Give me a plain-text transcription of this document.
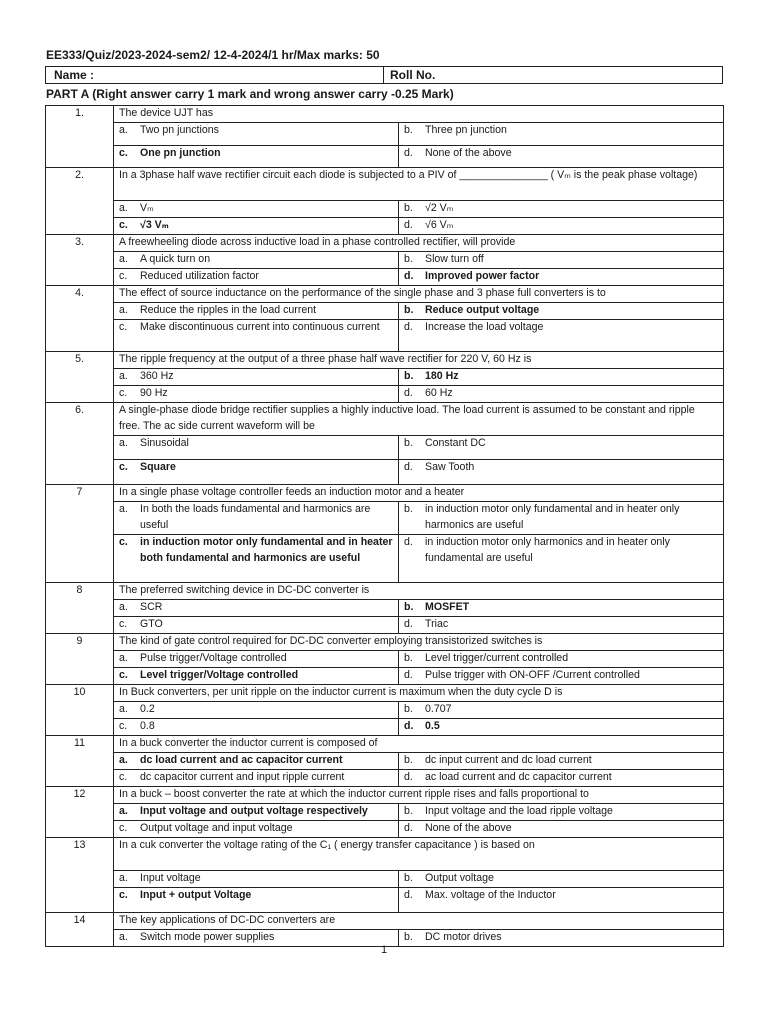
EE333/Quiz/2023-2024-sem2/ 12-4-2024/1 hr/Max marks: 50
Name :	Roll No.
PART A (Right answer carry 1 mark and wrong answer carry -0.25 Mark)
1.	The device UJT has	

	a. Two pn junctions	b. Three pn junction

	c. One pn junction	d. None of the above

2.	In a 3phase half wave rectifier circuit each diode is subjected to a PIV of _______________ ( Vₘ is the peak phase voltage)	

	a. Vₘ	b. √2 Vₘ

	c. √3 Vₘ	d. √6 Vₘ

3.	A freewheeling diode across inductive load in a phase controlled rectifier, will provide	

	a. A quick turn on	b. Slow turn off

	c. Reduced utilization factor	d. Improved power factor

4.	The effect of source inductance on the performance of the single phase and 3 phase full converters is to	

	a. Reduce the ripples in the load current	b. Reduce output voltage

	c. Make discontinuous current into continuous current	d. Increase the load voltage

5.	The ripple frequency at the output of a three phase half wave rectifier for 220 V, 60 Hz is	

	a. 360 Hz	b. 180 Hz

	c. 90 Hz	d. 60 Hz

6.	A single-phase diode bridge rectifier supplies a highly inductive load. The load current is assumed to be constant and ripple free. The ac side current waveform will be	

	a. Sinusoidal	b. Constant DC

	c. Square	d. Saw Tooth

7	In a single phase voltage controller feeds an induction motor and a heater	

	a. In both the loads fundamental and harmonics are useful	b. in induction motor only fundamental and in heater only harmonics are useful

	c. in induction motor only fundamental and in heater both fundamental and harmonics are useful	d. in induction motor only harmonics and in heater only fundamental are useful

8	The preferred switching device in DC-DC converter is	

	a. SCR	b. MOSFET

	c. GTO	d. Triac

9	The kind of gate control required for DC-DC converter employing transistorized switches is	

	a. Pulse trigger/Voltage controlled	b. Level trigger/current controlled

	c. Level trigger/Voltage controlled	d. Pulse trigger with ON-OFF /Current controlled

10	In Buck converters, per unit ripple on the inductor current is maximum when the duty cycle D is	

	a. 0.2	b. 0.707

	c. 0.8	d. 0.5

11	In a buck converter the inductor current is composed of	

	a. dc load current and ac capacitor current	b. dc input current and dc load current

	c. dc capacitor current and input ripple current	d. ac load current and dc capacitor current

12	In a buck – boost converter the rate at which the inductor current ripple rises and falls proportional to	

	a. Input voltage and output voltage respectively	b. Input voltage and the load ripple voltage

	c. Output voltage and input voltage	d. None of the above

13	In a cuk converter the voltage rating of the C₁ ( energy transfer capacitance ) is based on	

	a. Input voltage	b. Output voltage

	c. Input + output Voltage	d. Max. voltage of the Inductor

14	The key applications of DC-DC converters are	

	a. Switch mode power supplies	b. DC motor drives
1
